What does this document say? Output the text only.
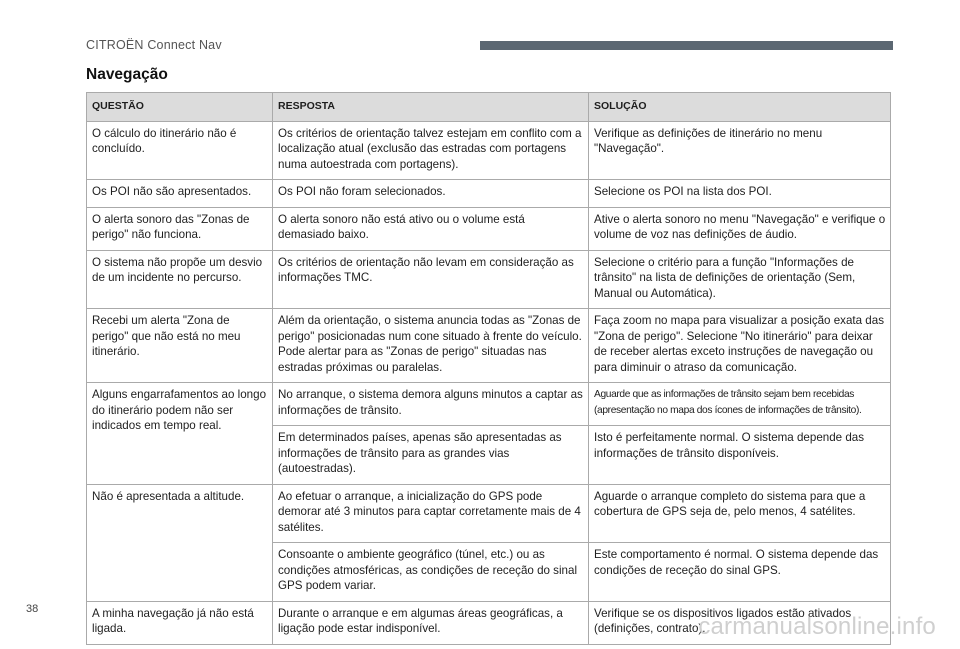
CITROËN Connect Nav
Navegação
QUESTÃO	RESPOSTA	SOLUÇÃO
O cálculo do itinerário não é concluído.	Os critérios de orientação talvez estejam em conflito com a localização atual (exclusão das estradas com portagens numa autoestrada com portagens).	Verifique as definições de itinerário no menu "Navegação".
Os POI não são apresentados.	Os POI não foram selecionados.	Selecione os POI na lista dos POI.
O alerta sonoro das "Zonas de perigo" não funciona.	O alerta sonoro não está ativo ou o volume está demasiado baixo.	Ative o alerta sonoro no menu "Navegação" e verifique o volume de voz nas definições de áudio.
O sistema não propõe um desvio de um incidente no percurso.	Os critérios de orientação não levam em consideração as informações TMC.	Selecione o critério para a função "Informações de trânsito" na lista de definições de orientação (Sem, Manual ou Automática).
Recebi um alerta "Zona de perigo" que não está no meu itinerário.	Além da orientação, o sistema anuncia todas as "Zonas de perigo" posicionadas num cone situado à frente do veículo. Pode alertar para as "Zonas de perigo" situadas nas estradas próximas ou paralelas.	Faça zoom no mapa para visualizar a posição exata das "Zona de perigo". Selecione "No itinerário" para deixar de receber alertas exceto instruções de navegação ou para diminuir o atraso da comunicação.
Alguns engarrafamentos ao longo do itinerário podem não ser indicados em tempo real.	No arranque, o sistema demora alguns minutos a captar as informações de trânsito.	Aguarde que as informações de trânsito sejam bem recebidas (apresentação no mapa dos ícones de informações de trânsito).
	Em determinados países, apenas são apresentadas as informações de trânsito para as grandes vias (autoestradas).	Isto é perfeitamente normal. O sistema depende das informações de trânsito disponíveis.
Não é apresentada a altitude.	Ao efetuar o arranque, a inicialização do GPS pode demorar até 3 minutos para captar corretamente mais de 4 satélites.	Aguarde o arranque completo do sistema para que a cobertura de GPS seja de, pelo menos, 4 satélites.
	Consoante o ambiente geográfico (túnel, etc.) ou as condições atmosféricas, as condições de receção do sinal GPS podem variar.	Este comportamento é normal. O sistema depende das condições de receção do sinal GPS.
A minha navegação já não está ligada.	Durante o arranque e em algumas áreas geográficas, a ligação pode estar indisponível.	Verifique se os dispositivos ligados estão ativados (definições, contrato).
38
carmanualsonline.info
